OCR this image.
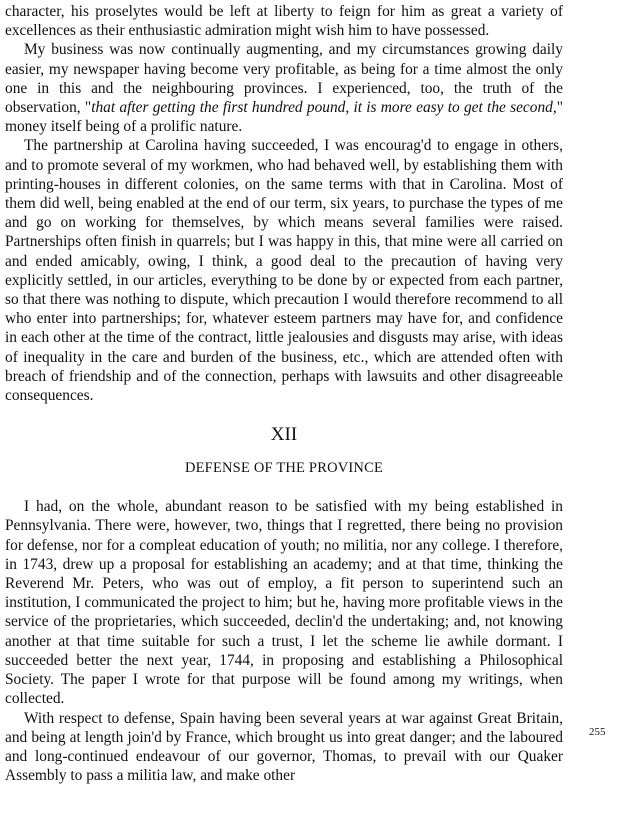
character, his proselytes would be left at liberty to feign for him as great a variety of excellences as their enthusiastic admiration might wish him to have possessed.

My business was now continually augmenting, and my circumstances growing daily easier, my newspaper having become very profitable, as being for a time almost the only one in this and the neighbouring provinces. I experienced, too, the truth of the observation, "that after getting the first hundred pound, it is more easy to get the second," money itself being of a prolific nature.

The partnership at Carolina having succeeded, I was encourag'd to engage in others, and to promote several of my workmen, who had behaved well, by establishing them with printing-houses in different colonies, on the same terms with that in Carolina. Most of them did well, being enabled at the end of our term, six years, to purchase the types of me and go on working for themselves, by which means several families were raised. Partnerships often finish in quarrels; but I was happy in this, that mine were all carried on and ended amicably, owing, I think, a good deal to the precaution of having very explicitly settled, in our articles, everything to be done by or expected from each partner, so that there was nothing to dispute, which precaution I would therefore recommend to all who enter into partnerships; for, whatever esteem partners may have for, and confidence in each other at the time of the contract, little jealousies and disgusts may arise, with ideas of inequality in the care and burden of the business, etc., which are attended often with breach of friendship and of the connection, perhaps with lawsuits and other disagreeable consequences.

XII
DEFENSE OF THE PROVINCE

I had, on the whole, abundant reason to be satisfied with my being established in Pennsylvania. There were, however, two, things that I regretted, there being no provision for defense, nor for a compleat education of youth; no militia, nor any college. I therefore, in 1743, drew up a proposal for establishing an academy; and at that time, thinking the Reverend Mr. Peters, who was out of employ, a fit person to superintend such an institution, I communicated the project to him; but he, having more profitable views in the service of the proprietaries, which succeeded, declin'd the undertaking; and, not knowing another at that time suitable for such a trust, I let the scheme lie awhile dormant. I succeeded better the next year, 1744, in proposing and establishing a Philosophical Society. The paper I wrote for that purpose will be found among my writings, when collected.

With respect to defense, Spain having been several years at war against Great Britain, and being at length join'd by France, which brought us into great danger; and the laboured and long-continued endeavour of our governor, Thomas, to prevail with our Quaker Assembly to pass a militia law, and make other

255
